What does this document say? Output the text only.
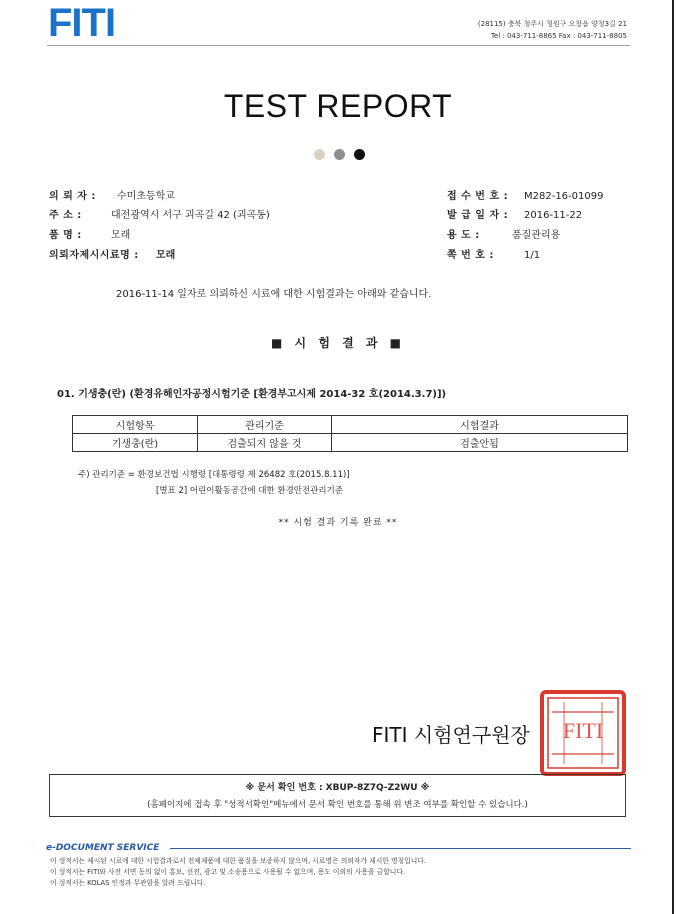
FITI	(28115) 충북 청주시 청원구 오창읍 양청3길 21
Tel : 043-711-8865 Fax : 043-711-8805
TEST REPORT
의 뢰 자 : 수미초등학교
주 소 :	대전광역시 서구 괴곡길 42 (괴곡동)
품 명 :	모래
의뢰자제시시료명 : 모래
접 수 번 호 : M282-16-01099
발 급 일 자 : 2016-11-22
용 도 :	품질관리용
쪽 번 호 :	1/1
2016-11-14 일자로 의뢰하신 시료에 대한 시험결과는 아래와 같습니다.
■ 시 험 결 과 ■
01. 기생충(란) (환경유해인자공정시험기준 [환경부고시제 2014-32 호(2014.3.7)])
시험항목	관리기준	시험결과
기생충(란)	검출되지 않을 것	검출안됨
주) 관리기준 = 환경보건법 시행령 [대통령령 제 26482 호(2015.8.11)]
[별표 2] 어린이활동공간에 대한 환경안전관리기준
** 시험 결과 기록 완료 **
FITI
FITI 시험연구원장
※ 문서 확인 번호 : XBUP-8Z7Q-Z2WU ※
(홈페이지에 접속 후 "성적서확인"메뉴에서 문서 확인 번호를 통해 위 변조 여부를 확인할 수 있습니다.)
e-DOCUMENT SERVICE
이 성적서는 제시된 시료에 대한 시험결과로서 전체제품에 대한 품질을 보증하지 않으며, 시료명은 의뢰자가 제시한 명칭입니다.
이 성적서는 FITI와 사전 서면 동의 없이 홍보, 선전, 광고 및 소송용으로 사용될 수 없으며, 용도 이외의 사용을 금합니다.
이 성적서는 KOLAS 인정과 무관함을 알려 드립니다.
